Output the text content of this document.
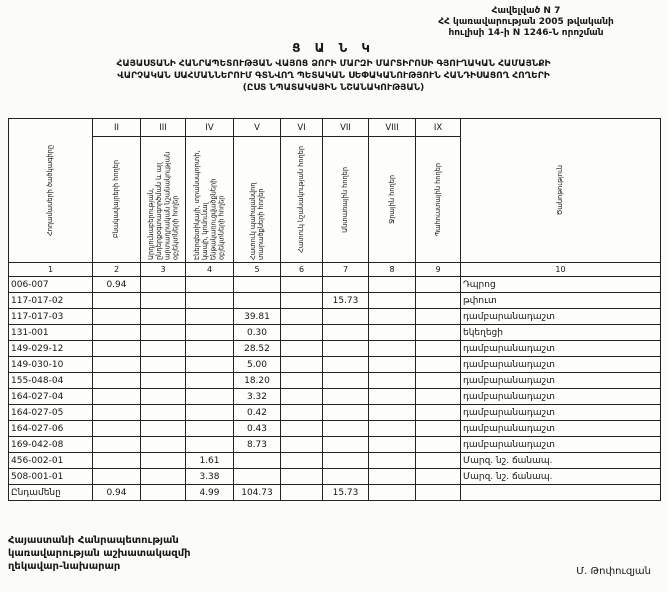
Հավելված N 7
ՀՀ կառավարության 2005 թվականի
հուլիսի 14-ի N 1246-Ն որոշման
Ց Ա Ն Կ
ՀԱՅԱՍՏԱՆԻ ՀԱՆՐԱՊԵՏՈՒԹՅԱՆ ՎԱՅՈՑ ՁՈՐԻ ՄԱՐԶԻ ՄԱՐՏԻՐՈՍԻ ԳՅՈՒՂԱԿԱՆ ՀԱՄԱՅՆՔԻ
ՎԱՐՉԱԿԱՆ ՍԱՀՄԱՆՆԵՐՈՒՄ ԳՏՆՎՈՂ ՊԵՏԱԿԱՆ ՍԵՓԱԿԱՆՈՒԹՅՈՒՆ ՀԱՆԴԻՍԱՑՈՂ ՀՈՂԵՐԻ
(ԸՍՏ ՆՊԱՏԱԿԱՅԻՆ ՆՇԱՆԱԿՈՒԹՅԱՆ)
Հողամասերի ծածկագիրը	II	III	IV	V	VI	VII	VIII	IX	Ծանոթություն

	Բնակավայրերի հողեր	Արդյունաբերության, ընդերքօգտագործման և այլ արտադրական նշանակության օբյեկտների հողեր	Էներգետիկայի, տրանսպորտի, կապի, կոմունալ ենթակառուցվածքների օբյեկտների հողեր	Հատուկ պահպանվող տարածքների հողեր	Հատուկ նշանակության հողեր	Անտառային հողեր	Ջրային հողեր	Պահուստային հողեր	

1	2	3	4	5	6	7	8	9	10
006-007	0.94								Դպրոց
117-017-02						15.73			թփուտ
117-017-03				39.81					դամբարանադաշտ
131-001				0.30					եկեղեցի
149-029-12				28.52					դամբարանադաշտ
149-030-10				5.00					դամբարանադաշտ
155-048-04				18.20					դամբարանադաշտ
164-027-04				3.32					դամբարանադաշտ
164-027-05				0.42					դամբարանադաշտ
164-027-06				0.43					դամբարանադաշտ
169-042-08				8.73					դամբարանադաշտ
456-002-01			1.61						Մարզ. նշ. ճանապ.
508-001-01			3.38						Մարզ. նշ. ճանապ.
Ընդամենը	0.94		4.99	104.73		15.73			
Հայաստանի Հանրապետության
կառավարության աշխատակազմի
ղեկավար-նախարար	Մ. Թոփուզյան
